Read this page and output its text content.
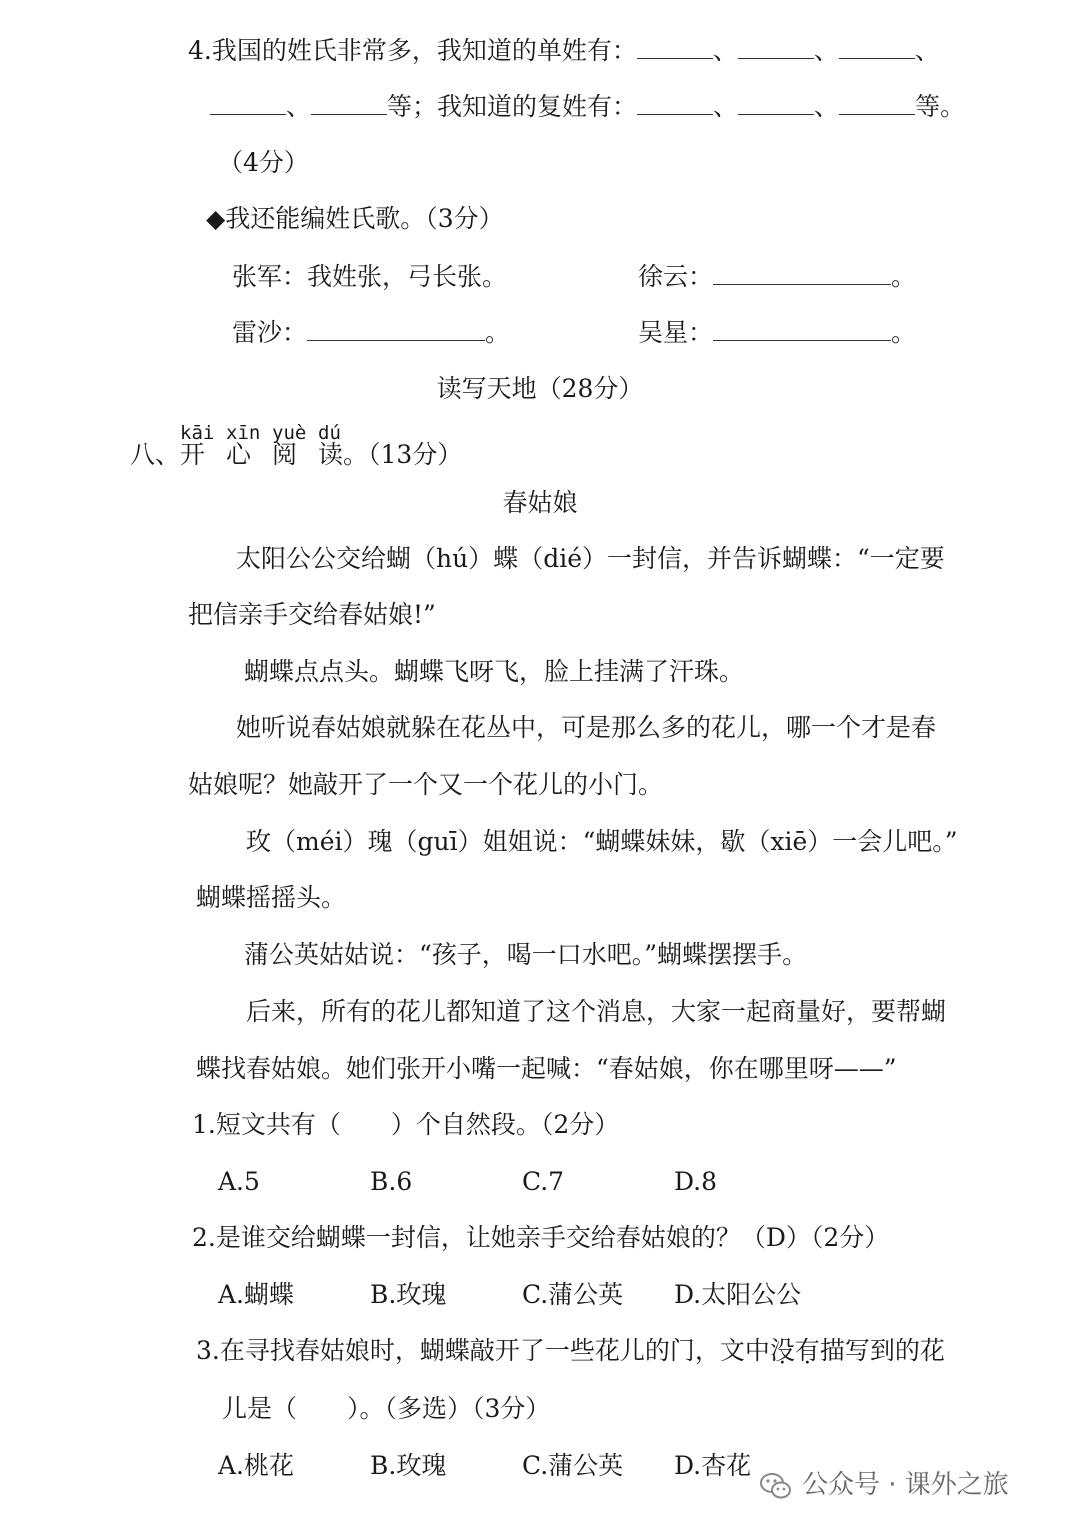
4.我国的姓氏非常多，我知道的单姓有：	、	、	、
、	等；我知道的复姓有：	、	、	等。
（4分）
◆我还能编姓氏歌。（3分）
张军：我姓张，弓长张。	徐云：	。
雷沙：	。	吴星：	。
读写天地（28分）
kāi xīn yuè dú
八、开 心 阅 读。（13分）
春姑娘
太阳公公交给蝴（hú）蝶（dié）一封信，并告诉蝴蝶：“一定要
把信亲手交给春姑娘!”
蝴蝶点点头。蝴蝶飞呀飞，脸上挂满了汗珠。
她听说春姑娘就躲在花丛中，可是那么多的花儿，哪一个才是春
姑娘呢？她敲开了一个又一个花儿的小门。
玫（méi）瑰（guī）姐姐说：“蝴蝶妹妹，歇（xiē）一会儿吧。”
蝴蝶摇摇头。
蒲公英姑姑说：“孩子，喝一口水吧。”蝴蝶摆摆手。
后来，所有的花儿都知道了这个消息，大家一起商量好，要帮蝴
蝶找春姑娘。她们张开小嘴一起喊：“春姑娘，你在哪里呀——”
1.短文共有（　　）个自然段。（2分）
A.5	B.6	C.7	D.8
2.是谁交给蝴蝶一封信，让她亲手交给春姑娘的？（D）（2分）
A.蝴蝶	B.玫瑰	C.蒲公英 D.太阳公公
3.在寻找春姑娘时，蝴蝶敲开了一些花儿的门，文中没有描写到的花
儿是（　　）。（多选）（3分）
A.桃花	B.玫瑰	C.蒲公英 D.杏花
公众号 · 课外之旅
